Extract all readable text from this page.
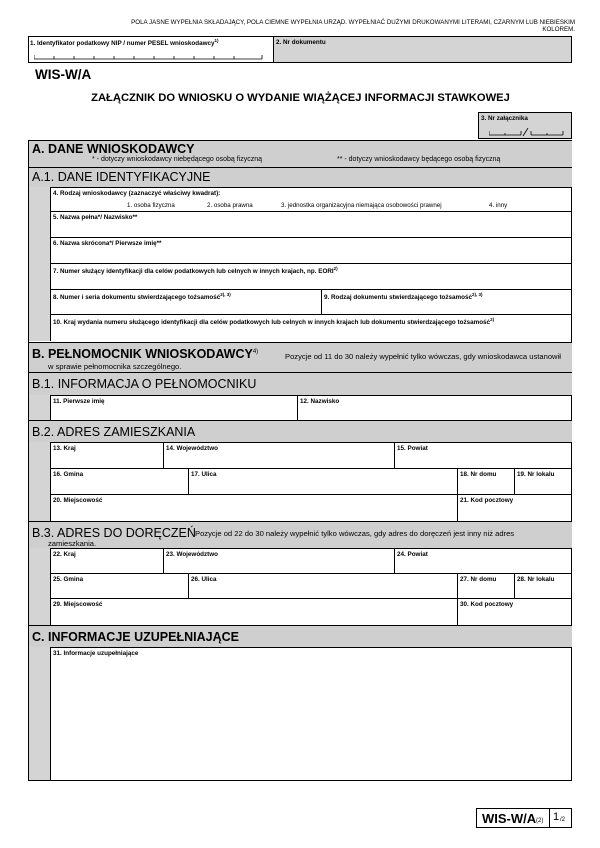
POLA JASNE WYPEŁNIA SKŁADAJĄCY, POLA CIEMNE WYPEŁNIA URZĄD. WYPEŁNIAĆ DUŻYMI DRUKOWANYMI LITERAMI, CZARNYM LUB NIEBIESKIM KOLOREM.
1. Identyfikator podatkowy NIP / numer PESEL wnioskodawcy$^{1)}$	2. Nr dokumentu
WIS-W/A
ZAŁĄCZNIK DO WNIOSKU O WYDANIE WIĄŻĄCEJ INFORMACJI STAWKOWEJ
3. Nr załącznika
A. DANE WNIOSKODAWCY
* - dotyczy wnioskodawcy niebędącego osobą fizyczną	** - dotyczy wnioskodawcy będącego osobą fizyczną
A.1. DANE IDENTYFIKACYJNE
4. Rodzaj wnioskodawcy (zaznaczyć właściwy kwadrat):
1. osoba fizyczna	2. osoba prawna	3. jednostka organizacyjna niemająca osobowości prawnej	4. inny
5. Nazwa pełna*/ Nazwisko**
6. Nazwa skrócona*/ Pierwsze imię**
7. Numer służący identyfikacji dla celów podatkowych lub celnych w innych krajach, np. EORI$^{2)}$
8. Numer i seria dokumentu stwierdzającego tożsamość$^{2), 3)}$	9. Rodzaj dokumentu stwierdzającego tożsamość$^{2), 3)}$
10. Kraj wydania numeru służącego identyfikacji dla celów podatkowych lub celnych w innych krajach lub dokumentu stwierdzającego tożsamość$^{2)}$
B. PEŁNOMOCNIK WNIOSKODAWCY$^{4)}$
Pozycje od 11 do 30 należy wypełnić tylko wówczas, gdy wnioskodawca ustanowił
w sprawie pełnomocnika szczególnego.
B.1. INFORMACJA O PEŁNOMOCNIKU
11. Pierwsze imię	12. Nazwisko
B.2. ADRES ZAMIESZKANIA
13. Kraj	14. Województwo	15. Powiat
16. Gmina	17. Ulica	18. Nr domu	19. Nr lokalu
20. Miejscowość	21. Kod pocztowy
B.3. ADRES DO DORĘCZEŃ Pozycje od 22 do 30 należy wypełnić tylko wówczas, gdy adres do doręczeń jest inny niż adres
zamieszkania.
22. Kraj	23. Województwo	24. Powiat
25. Gmina	26. Ulica	27. Nr domu	28. Nr lokalu
29. Miejscowość	30. Kod pocztowy
C. INFORMACJE UZUPEŁNIAJĄCE
31. Informacje uzupełniające
WIS-W/A (2) 1 /2
